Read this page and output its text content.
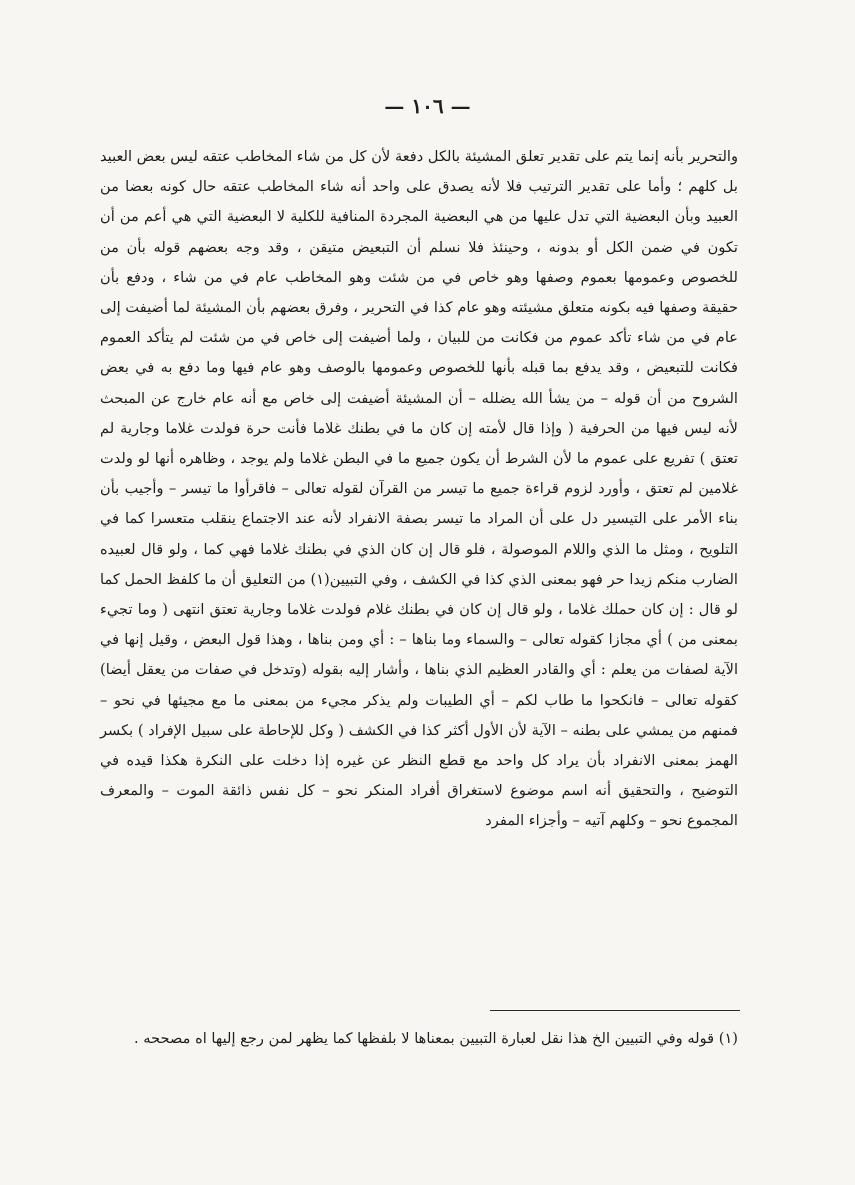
— ١٠٦ —

والتحرير بأنه إنما يتم على تقدير تعلق المشيئة بالكل دفعة لأن كل من شاء المخاطب عتقه ليس بعض العبيد بل كلهم ؛ وأما على تقدير الترتيب فلا لأنه يصدق على واحد أنه شاء المخاطب عتقه حال كونه بعضا من العبيد وبأن البعضية التي تدل عليها من هي البعضية المجردة المنافية للكلية لا البعضية التي هي أعم من أن تكون في ضمن الكل أو بدونه ، وحينئذ فلا نسلم أن التبعيض متيقن ، وقد وجه بعضهم قوله بأن من للخصوص وعمومها بعموم وصفها وهو خاص في من شئت وهو المخاطب عام في من شاء ، ودفع بأن حقيقة وصفها فيه بكونه متعلق مشيئته وهو عام كذا في التحرير ، وفرق بعضهم بأن المشيئة لما أضيفت إلى عام في من شاء تأكد عموم من فكانت من للبيان ، ولما أضيفت إلى خاص في من شئت لم يتأكد العموم فكانت للتبعيض ، وقد يدفع بما قبله بأنها للخصوص وعمومها بالوصف وهو عام فيها وما دفع به في بعض الشروح من أن قوله – من يشأ الله يضلله – أن المشيئة أضيفت إلى خاص مع أنه عام خارج عن المبحث لأنه ليس فيها من الحرفية ( وإذا قال لأمته إن كان ما في بطنك غلاما فأنت حرة فولدت غلاما وجارية لم تعتق ) تفريع على عموم ما لأن الشرط أن يكون جميع ما في البطن غلاما ولم يوجد ، وظاهره أنها لو ولدت غلامين لم تعتق ، وأورد لزوم قراءة جميع ما تيسر من القرآن لقوله تعالى – فاقرأوا ما تيسر – وأجيب بأن بناء الأمر على التيسير دل على أن المراد ما تيسر بصفة الانفراد لأنه عند الاجتماع ينقلب متعسرا كما في التلويح ، ومثل ما الذي واللام الموصولة ، فلو قال إن كان الذي في بطنك غلاما فهي كما ، ولو قال لعبيده الضارب منكم زيدا حر فهو بمعنى الذي كذا في الكشف ، وفي التبيين(١) من التعليق أن ما كلفظ الحمل كما لو قال : إن كان حملك غلاما ، ولو قال إن كان في بطنك غلام فولدت غلاما وجارية تعتق انتهى ( وما تجيء بمعنى من ) أي مجازا كقوله تعالى – والسماء وما بناها – : أي ومن بناها ، وهذا قول البعض ، وقيل إنها في الآية لصفات من يعلم : أي والقادر العظيم الذي بناها ، وأشار إليه بقوله (وتدخل في صفات من يعقل أيضا) كقوله تعالى – فانكحوا ما طاب لكم – أي الطيبات ولم يذكر مجيء من بمعنى ما مع مجيئها في نحو – فمنهم من يمشي على بطنه – الآية لأن الأول أكثر كذا في الكشف ( وكل للإحاطة على سبيل الإفراد ) بكسر الهمز بمعنى الانفراد بأن يراد كل واحد مع قطع النظر عن غيره إذا دخلت على النكرة هكذا قيده في التوضيح ، والتحقيق أنه اسم موضوع لاستغراق أفراد المنكر نحو – كل نفس ذائقة الموت – والمعرف المجموع نحو – وكلهم آتيه – وأجزاء المفرد

(١) قوله وفي التبيين الخ هذا نقل لعبارة التبيين بمعناها لا بلفظها كما يظهر لمن رجع إليها اه مصححه .
